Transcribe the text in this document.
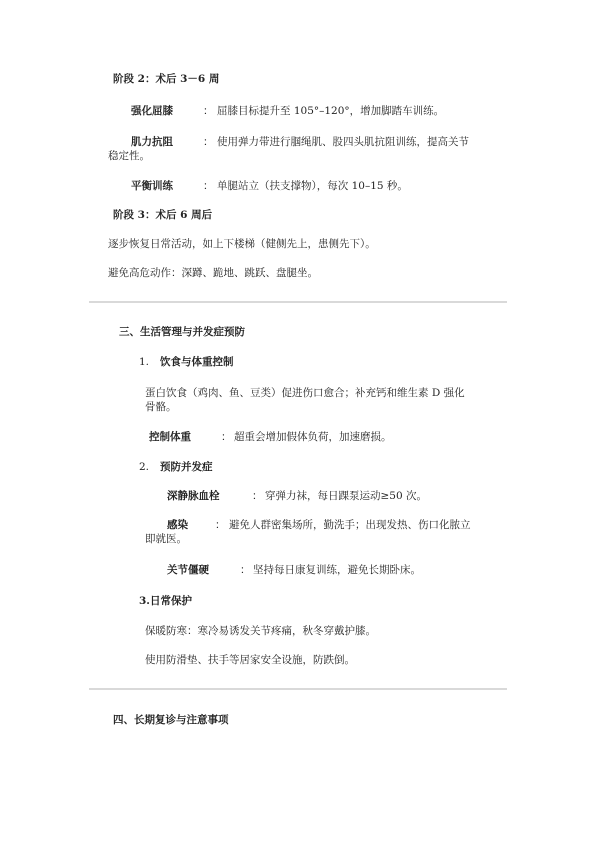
阶段 2：术后 3－6 周
强化屈膝	： 屈膝目标提升至 105°–120°，增加脚踏车训练。
肌力抗阻	： 使用弹力带进行腘绳肌、股四头肌抗阻训练，提高关节
稳定性。
平衡训练	： 单腿站立（扶支撑物），每次 10–15 秒。
阶段 3：术后 6 周后
逐步恢复日常活动，如上下楼梯（健侧先上，患侧先下）。
避免高危动作：深蹲、跪地、跳跃、盘腿坐。
三、生活管理与并发症预防
1. 饮食与体重控制
蛋白饮食（鸡肉、鱼、豆类）促进伤口愈合；补充钙和维生素 D 强化
骨骼。
控制体重	： 超重会增加假体负荷，加速磨损。
2. 预防并发症
深静脉血栓	： 穿弹力袜，每日踝泵运动≥50 次。
感染	： 避免人群密集场所，勤洗手；出现发热、伤口化脓立
即就医。
关节僵硬	： 坚持每日康复训练，避免长期卧床。
3.日常保护
保暖防寒：寒冷易诱发关节疼痛，秋冬穿戴护膝。
使用防滑垫、扶手等居家安全设施，防跌倒。
四、长期复诊与注意事项
